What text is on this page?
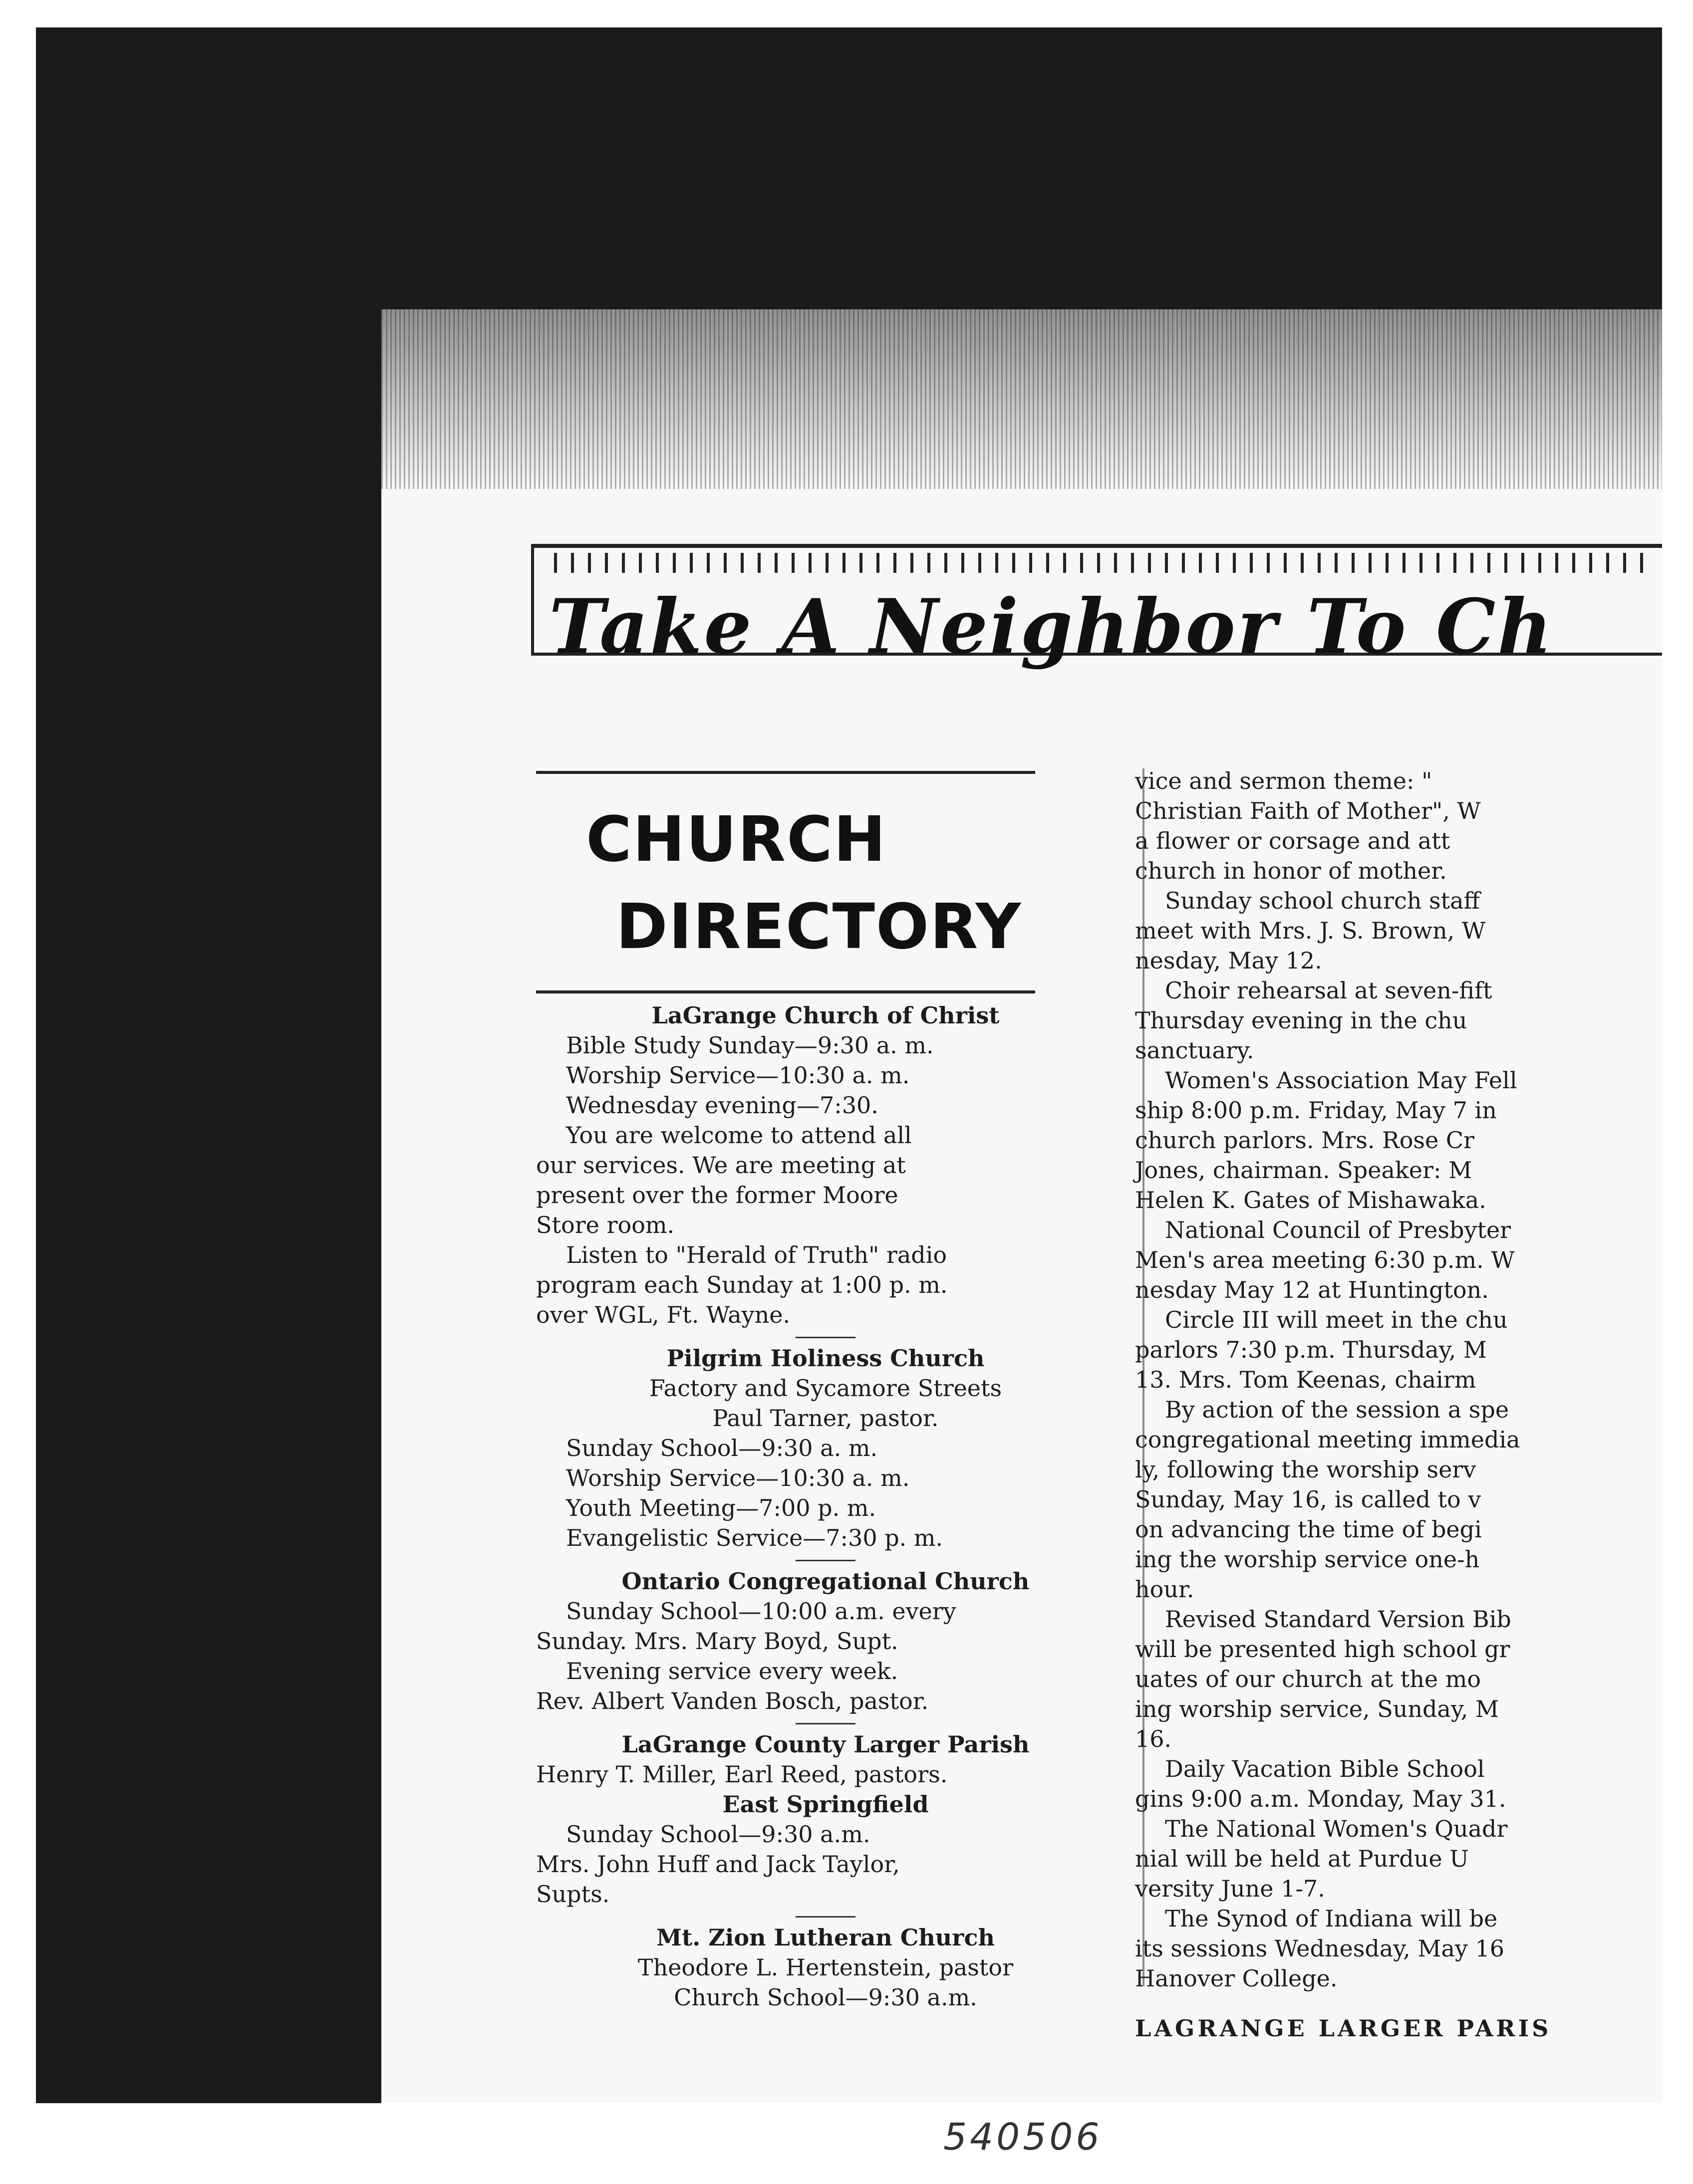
Take A Neighbor To Ch
CHURCH
DIRECTORY

LaGrange Church of Christ

Bible Study Sunday—9:30 a. m.

Worship Service—10:30 a. m.

Wednesday evening—7:30.

You are welcome to attend all

our services. We are meeting at

present over the former Moore

Store room.

Listen to "Herald of Truth" radio

program each Sunday at 1:00 p. m.

over WGL, Ft. Wayne.

Pilgrim Holiness Church

Factory and Sycamore Streets

Paul Tarner, pastor.

Sunday School—9:30 a. m.

Worship Service—10:30 a. m.

Youth Meeting—7:00 p. m.

Evangelistic Service—7:30 p. m.

Ontario Congregational Church

Sunday School—10:00 a.m. every

Sunday. Mrs. Mary Boyd, Supt.

Evening service every week.

Rev. Albert Vanden Bosch, pastor.

LaGrange County Larger Parish

Henry T. Miller, Earl Reed, pastors.

East Springfield

Sunday School—9:30 a.m.

Mrs. John Huff and Jack Taylor,

Supts.

Mt. Zion Lutheran Church

Theodore L. Hertenstein, pastor

Church School—9:30 a.m.

vice and sermon theme: "

Christian Faith of Mother", W

a flower or corsage and att

church in honor of mother.

Sunday school church staff

meet with Mrs. J. S. Brown, W

nesday, May 12.

Choir rehearsal at seven-fift

Thursday evening in the chu

sanctuary.

Women's Association May Fell

ship 8:00 p.m. Friday, May 7 in

church parlors. Mrs. Rose Cr

Jones, chairman. Speaker: M

Helen K. Gates of Mishawaka.

National Council of Presbyter

Men's area meeting 6:30 p.m. W

nesday May 12 at Huntington.

Circle III will meet in the chu

parlors 7:30 p.m. Thursday, M

13. Mrs. Tom Keenas, chairm

By action of the session a spe

congregational meeting immedia

ly, following the worship serv

Sunday, May 16, is called to v

on advancing the time of begi

ing the worship service one-h

hour.

Revised Standard Version Bib

will be presented high school gr

uates of our church at the mo

ing worship service, Sunday, M

16.

Daily Vacation Bible School

gins 9:00 a.m. Monday, May 31.

The National Women's Quadr

nial will be held at Purdue U

versity June 1-7.

The Synod of Indiana will be

its sessions Wednesday, May 16

Hanover College.

LAGRANGE LARGER PARIS

540506
